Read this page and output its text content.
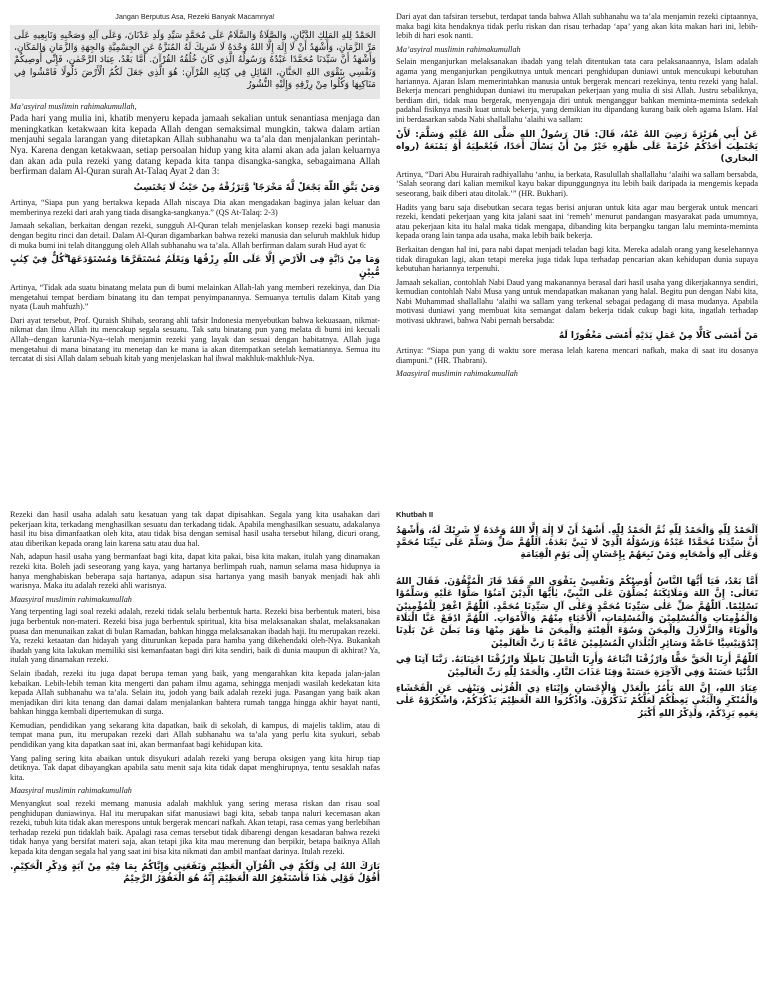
Jangan Berputus Asa, Rezeki Banyak Macamnya!
الحَمْدُ لِلهِ المَلِكِ الدَّيَّانِ، وَالصَّلَاةُ وَالسَّلَامُ عَلَى مُحَمَّدٍ سَيِّدِ وَلَدِ عَدْنَانَ، وَعَلَى آلِهِ وَصَحْبِهِ وَتَابِعِيهِ عَلَى مَرِّ الزَّمَانِ، وَأَشْهَدُ أَنْ لَا إِلَهَ إِلَّا اللهُ وَحْدَهُ لَا شَرِيكَ لَهُ المُنَزَّهُ عَنِ الجِسْمِيَّةِ وَالجِهَةِ وَالزَّمَانِ وَالمَكَانِ، وَأَشْهَدُ أَنَّ سَيِّدَنَا مُحَمَّدًا عَبْدُهُ وَرَسُولُهُ الَّذِي كَانَ خُلُقُهُ القُرْآنَ. أَمَّا بَعْدُ، عِبَادَ الرَّحْمٰنِ، فَإِنِّي أُوصِيكُمْ وَنَفْسِي بِتَقْوَى اللهِ الحَنَّانِ، القَائِلِ فِي كِتَابِهِ القُرْآنِ: هُوَ الَّذِي جَعَلَ لَكُمُ الْأَرْضَ ذَلُولًا فَامْشُوا فِي مَنَاكِبِهَا وَكُلُوا مِنْ رِزْقِهِ وَإِلَيْهِ النُّشُورُ
Ma’asyiral muslimin rahimakumullah,
Pada hari yang mulia ini, khatib menyeru kepada jamaah sekalian untuk senantiasa menjaga dan meningkatkan ketakwaan kita kepada Allah dengan semaksimal mungkin, takwa dalam artian menjauhi segala larangan yang ditetapkan Allah subhanahu wa ta’ala dan menjalankan perintah-Nya. Karena dengan ketakwaan, setiap persoalan hidup yang kita alami akan ada jalan keluarnya dan akan ada pula rezeki yang datang kepada kita tanpa disangka-sangka, sebagaimana Allah berfirman dalam Al-Quran surah At-Talaq Ayat 2 dan 3:
وَمَنْ يَتَّقِ اللّٰهَ يَجْعَلْ لَّهٗ مَخْرَجًا ۙ وَّيَرْزُقْهُ مِنْ حَيْثُ لَا يَحْتَسِبُ
Artinya, “Siapa pun yang bertakwa kepada Allah niscaya Dia akan mengadakan baginya jalan keluar dan memberinya rezeki dari arah yang tiada disangka-sangkanya.” (QS At-Talaq: 2-3)
Jamaah sekalian, berkaitan dengan rezeki, sungguh Al-Quran telah menjelaskan konsep rezeki bagi manusia dengan begitu rinci dan detail. Dalam Al-Quran digambarkan bahwa rezeki manusia dan seluruh makhluk hidup di muka bumi ini telah ditanggung oleh Allah subhanahu wa ta’ala. Allah berfirman dalam surah Hud ayat 6:
وَمَا مِنْ دَاۤبَّةٍ فِى الْاَرْضِ اِلَّا عَلَى اللّٰهِ رِزْقُهَا وَيَعْلَمُ مُسْتَقَرَّهَا وَمُسْتَوْدَعَهَا ۗكُلٌّ فِيْ كِتٰبٍ مُّبِيْنٍ
Artinya, “Tidak ada suatu binatang melata pun di bumi melainkan Allah-lah yang memberi rezekinya, dan Dia mengetahui tempat berdiam binatang itu dan tempat penyimpanannya. Semuanya tertulis dalam Kitab yang nyata (Lauh mahfuzh).”
Dari ayat tersebut, Prof. Quraish Shihab, seorang ahli tafsir Indonesia menyebutkan bahwa kekuasaan, nikmat-nikmat dan ilmu Allah itu mencakup segala sesuatu. Tak satu binatang pun yang melata di bumi ini kecuali Allah--dengan karunia-Nya--telah menjamin rezeki yang layak dan sesuai dengan habitatnya. Allah juga mengetahui di mana binatang itu menetap dan ke mana ia akan ditempatkan setelah kematiannya. Semua itu tercatat di sisi Allah dalam sebuah kitab yang menjelaskan hal ihwal makhluk-makhluk-Nya.
Dari ayat dan tafsiran tersebut, terdapat tanda bahwa Allah subhanahu wa ta’ala menjamin rezeki ciptaannya, maka bagi kita hendaknya tidak perlu riskan dan risau terhadap ‘apa’ yang akan kita makan hari ini, lebih-lebih di hari esok nanti.
Ma’asyiral muslimin rahimakumullah
Selain menganjurkan melaksanakan ibadah yang telah ditentukan tata cara pelaksanaannya, Islam adalah agama yang menganjurkan pengikutnya untuk mencari penghidupan duniawi untuk mencukupi kebutuhan hariannya. Ajaran Islam memerintahkan manusia untuk bergerak mencari rezekinya, tentu rezeki yang halal. Bekerja mencari penghidupan duniawi itu merupakan pekerjaan yang mulia di sisi Allah. Justru sebaliknya, berdiam diri, tidak mau bergerak, menyengaja diri untuk menganggur bahkan meminta-meminta sedekah padahal fisiknya masih kuat untuk bekerja, yang demikian itu dipandang kurang baik oleh agama Islam. Hal ini berdasarkan sabda Nabi shallallahu ‘alaihi wa sallam:
عَنْ أَبِي هُرَيْرَةَ رَضِيَ اللهُ عَنْهُ، قَالَ: قَالَ رَسُولُ اللهِ صَلَّى اللهُ عَلَيْهِ وَسَلَّمَ: لَأَنْ يَحْتَطِبَ أَحَدُكُمْ حُزْمَةً عَلَى ظَهْرِهِ خَيْرٌ مِنْ أَنْ يَسْأَلَ أَحَدًا، فَيُعْطِيَهُ أَوْ يَمْنَعَهُ (رواه البخاري)
Artinya, “Dari Abu Hurairah radhiyallahu ‘anhu, ia berkata, Rasulullah shallallahu ‘alaihi wa sallam bersabda, ‘Salah seorang dari kalian memikul kayu bakar dipunggungnya itu lebih baik daripada ia mengemis kepada seseorang, baik diberi atau ditolak.’” (HR. Bukhari).
Hadits yang baru saja disebutkan secara tegas berisi anjuran untuk kita agar mau bergerak untuk mencari rezeki, kendati pekerjaan yang kita jalani saat ini ‘remeh’ menurut pandangan masyarakat pada umumnya, atau pekerjaan kita itu halal maka tidak mengapa, dibanding kita berpangku tangan lalu meminta-meminta kepada orang lain tanpa ada usaha, maka lebih baik bekerja.
Berkaitan dengan hal ini, para nabi dapat menjadi teladan bagi kita. Mereka adalah orang yang keselehannya tidak diragukan lagi, akan tetapi mereka juga tidak lupa terhadap pencarian akan kehidupan dunia supaya kebutuhan hariannya terpenuhi.
Jamaah sekalian, contohlah Nabi Daud yang makanannya berasal dari hasil usaha yang dikerjakannya sendiri, kemudian contohlah Nabi Musa yang untuk mendapatkan makanan yang halal. Begitu pun dengan Nabi kita, Nabi Muhammad shallallahu ‘alaihi wa sallam yang terkenal sebagai pedagang di masa mudanya. Apabila motivasi duniawi yang membuat kita semangat dalam bekerja tidak cukup bagi kita, ingatlah terhadap motivasi ukhrawi, bahwa Nabi pernah bersabda:
مَنْ أَمْسَى كَالًّا مِنْ عَمَلِ يَدَيْهِ أَمْسَى مَغْفُورًا لَهُ
Artinya: “Siapa pun yang di waktu sore merasa lelah karena mencari nafkah, maka di saat itu dosanya diampuni.” (HR. Thabrani).
Maasyiral muslimin rahimakumullah
Rezeki dan hasil usaha adalah satu kesatuan yang tak dapat dipisahkan. Segala yang kita usahakan dari pekerjaan kita, terkadang menghasilkan sesuatu dan terkadang tidak. Apabila menghasilkan sesuatu, adakalanya hasil itu bisa dimanfaatkan oleh kita, atau tidak bisa dengan semisal hasil usaha tersebut hilang, dicuri orang, atau diberikan kepada orang lain karena satu atau dua hal.
Nah, adapun hasil usaha yang bermanfaat bagi kita, dapat kita pakai, bisa kita makan, itulah yang dinamakan rezeki kita. Boleh jadi seseorang yang kaya, yang hartanya berlimpah ruah, namun selama masa hidupnya ia hanya menghabiskan beberapa saja hartanya, adapun sisa hartanya yang masih banyak menjadi hak ahli warisnya. Maka itu adalah rezeki ahli warisnya.
Maasyiral muslimin rahimakumullah
Yang terpenting lagi soal rezeki adalah, rezeki tidak selalu berbentuk harta. Rezeki bisa berbentuk materi, bisa juga berbentuk non-materi. Rezeki bisa juga berbentuk spiritual, kita bisa melaksanakan shalat, melaksanakan puasa dan menunaikan zakat di bulan Ramadan, bahkan hingga melaksanakan ibadah haji. Itu merupakan rezeki. Ya, rezeki ketaatan dan hidayah yang diturunkan kepada para hamba yang dikehendaki oleh-Nya. Bukankah ibadah yang kita lakukan memiliki sisi kemanfaatan bagi diri kita sendiri, baik di dunia maupun di akhirat? Ya, itulah yang dinamakan rezeki.
Selain ibadah, rezeki itu juga dapat berupa teman yang baik, yang mengarahkan kita kepada jalan-jalan kebaikan. Lebih-lebih teman kita mengerti dan paham ilmu agama, sehingga menjadi wasilah kedekatan kita kepada Allah subhanahu wa ta’ala. Selain itu, jodoh yang baik adalah rezeki juga. Pasangan yang baik akan menjadikan diri kita tenang dan damai dalam menjalankan bahtera rumah tangga hingga akhir hayat nanti, bahkan hingga kembali dipertemukan di surga.
Kemudian, pendidikan yang sekarang kita dapatkan, baik di sekolah, di kampus, di majelis taklim, atau di tempat mana pun, itu merupakan rezeki dari Allah subhanahu wa ta’ala yang perlu kita syukuri, sebab pendidikan yang kita dapatkan saat ini, akan bermanfaat bagi kehidupan kita.
Yang paling sering kita abaikan untuk disyukuri adalah rezeki yang berupa oksigen yang kita hirup tiap detiknya. Tak dapat dibayangkan apabila satu menit saja kita tidak dapat menghirupnya, tentu sesaklah nafas kita.
Maasyiral muslimin rahimakumullah
Menyangkut soal rezeki memang manusia adalah makhluk yang sering merasa riskan dan risau soal penghidupan duniawinya. Hal itu merupakan sifat manusiawi bagi kita, sebab tanpa naluri kecemasan akan rezeki, tubuh kita tidak akan merespons untuk bergerak mencari nafkah. Akan tetapi, rasa cemas yang berlebihan terhadap rezeki pun tidaklah baik. Apalagi rasa cemas tersebut tidak dibarengi dengan kesadaran bahwa rezeki tidak hanya yang bersifat materi saja, akan tetapi jika kita mau merenung dan berpikir, betapa baiknya Allah kepada kita dengan segala hal yang saat ini bisa kita nikmati dan ambil manfaat darinya. Itulah rezeki.
بَارَكَ اللهُ لِي وَلَكُمْ فِي الْقُرْآنِ الْعَظِيْمِ وَنَفَعَنِي وَإِيَّاكُمْ بِمَا فِيْهِ مِنْ آيَةٍ وَذِكْرِ الْحَكِيْمِ. أَقُوْلُ قَوْلِي هٰذَا فَأَسْتَغْفِرُ اللهَ الْعَظِيْمَ إِنَّهُ هُوَ الْغَفُوْرُ الرَّحِيْمُ
Khutbah II
اَلْحَمْدُ لِلّٰهِ وَالْحَمْدُ لِلّٰهِ ثُمَّ الْحَمْدُ لِلّٰهِ. أَشْهَدُ أَنْ لَا إِلٰهَ إِلَّا اللهُ وَحْدَهُ لَا شَرِيْكَ لَهُ، وَأَشْهَدُ أَنَّ سَيِّدَنَا مُحَمَّدًا عَبْدُهُ وَرَسُوْلُهُ الَّذِيْ لَا نَبِيَّ بَعْدَهُ. اَللّٰهُمَّ صَلِّ وَسَلِّمْ عَلٰى نَبِيِّنَا مُحَمَّدٍ وَعَلٰى آلِهِ وَأَصْحَابِهِ وَمَنْ تَبِعَهُمْ بِإِحْسَانٍ إِلٰى يَوْمِ الْقِيَامَةِ
أَمَّا بَعْدُ، فَيَا أَيُّهَا النَّاسُ أُوْصِيْكُمْ وَنَفْسِيْ بِتَقْوَى اللهِ فَقَدْ فَازَ الْمُتَّقُوْنَ. فَقَالَ اللهُ تَعَالٰى: إِنَّ اللهَ وَمَلَائِكَتَهُ يُصَلُّوْنَ عَلَى النَّبِيِّ، يٰأَيُّهَا الَّذِيْنَ آمَنُوْا صَلُّوْا عَلَيْهِ وَسَلِّمُوْا تَسْلِيْمًا. اَللّٰهُمَّ صَلِّ عَلٰى سَيِّدِنَا مُحَمَّدٍ وَعَلٰى آلِ سَيِّدِنَا مُحَمَّدٍ. اَللّٰهُمَّ اغْفِرْ لِلْمُؤْمِنِيْنَ وَالْمُؤْمِنَاتِ وَالْمُسْلِمِيْنَ وَالْمُسْلِمَاتِ، اَلْأَحْيَاءِ مِنْهُمْ وَالْأَمْوَاتِ. اَللّٰهُمَّ ادْفَعْ عَنَّا الْبَلَاءَ وَالْوَبَاءَ وَالزَّلَازِلَ وَالْمِحَنَ وَسُوْءَ الْفِتْنَةِ وَالْمِحَنَ مَا ظَهَرَ مِنْهَا وَمَا بَطَنَ عَنْ بَلَدِنَا إِنْدُوْنِيْسِيَّا خَاصَّةً وَسَائِرِ الْبُلْدَانِ الْمُسْلِمِيْنَ عَامَّةً يَا رَبَّ الْعَالَمِيْنَ
اَللّٰهُمَّ أَرِنَا الْحَقَّ حَقًّا وَارْزُقْنَا اتِّبَاعَهُ وَأَرِنَا الْبَاطِلَ بَاطِلًا وَارْزُقْنَا اجْتِنَابَهُ. رَبَّنَا آتِنَا فِي الدُّنْيَا حَسَنَةً وَفِي الْآخِرَةِ حَسَنَةً وَقِنَا عَذَابَ النَّارِ. وَالْحَمْدُ لِلّٰهِ رَبِّ الْعَالَمِيْنَ
عِبَادَ اللهِ، إِنَّ اللهَ يَأْمُرُ بِالْعَدْلِ وَالْإِحْسَانِ وَإِيْتَاءِ ذِي الْقُرْبٰى وَيَنْهٰى عَنِ الْفَحْشَاءِ وَالْمُنْكَرِ وَالْبَغْيِ يَعِظُكُمْ لَعَلَّكُمْ تَذَكَّرُوْنَ. وَاذْكُرُوا اللهَ الْعَظِيْمَ يَذْكُرْكُمْ، وَاشْكُرُوْهُ عَلٰى نِعَمِهِ يَزِدْكُمْ، وَلَذِكْرُ اللهِ أَكْبَرُ
